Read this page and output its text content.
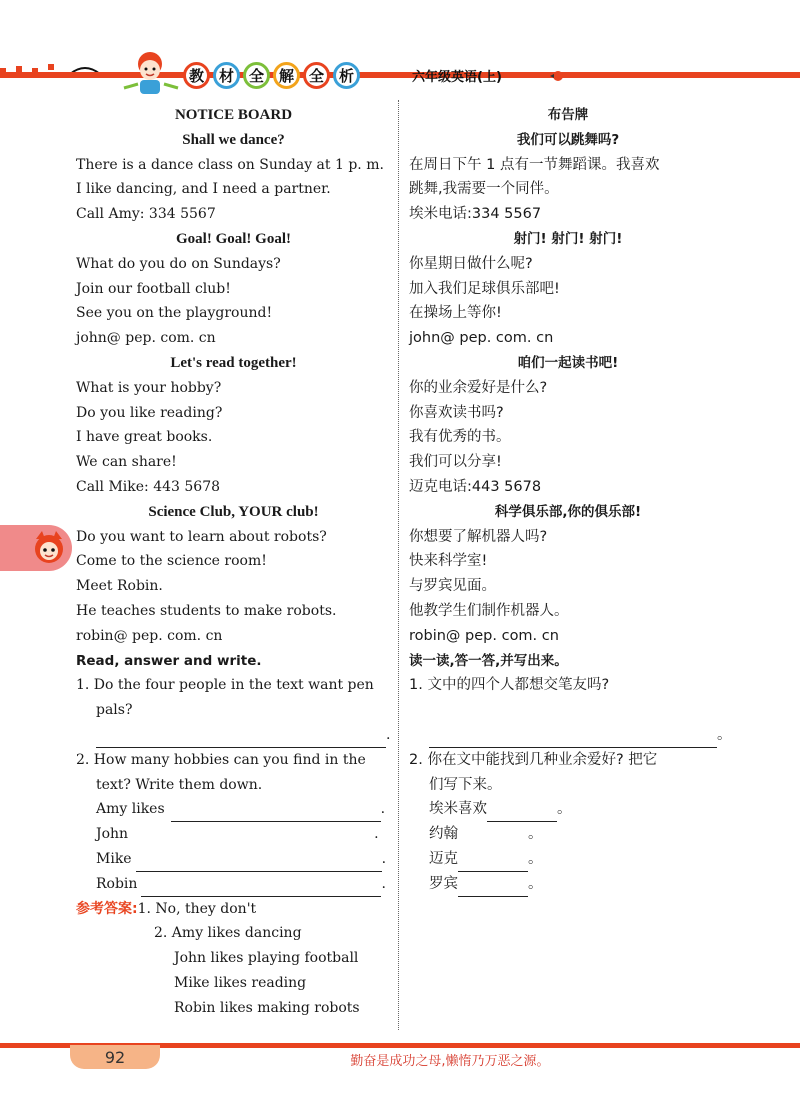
教 材 全 解 全 析	六年级英语(上)
NOTICE BOARD
Shall we dance?
There is a dance class on Sunday at 1 p. m.
I like dancing, and I need a partner.
Call Amy: 334 5567
Goal! Goal! Goal!
What do you do on Sundays?
Join our football club!
See you on the playground!
john@ pep. com. cn
Let's read together!
What is your hobby?
Do you like reading?
I have great books.
We can share!
Call Mike: 443 5678
Science Club, YOUR club!
Do you want to learn about robots?
Come to the science room!
Meet Robin.
He teaches students to make robots.
robin@ pep. com. cn
Read, answer and write.
1. Do the four people in the text want pen
pals?
.
2. How many hobbies can you find in the
text? Write them down.
Amy likes	.
John	.
Mike	.
Robin	.
参考答案:1. No, they don't
2. Amy likes dancing
John likes playing football
Mike likes reading
Robin likes making robots
布告牌
我们可以跳舞吗?
在周日下午 1 点有一节舞蹈课。我喜欢
跳舞,我需要一个同伴。
埃米电话:334 5567
射门! 射门! 射门!
你星期日做什么呢?
加入我们足球俱乐部吧!
在操场上等你!
john@ pep. com. cn
咱们一起读书吧!
你的业余爱好是什么?
你喜欢读书吗?
我有优秀的书。
我们可以分享!
迈克电话:443 5678
科学俱乐部,你的俱乐部!
你想要了解机器人吗?
快来科学室!
与罗宾见面。
他教学生们制作机器人。
robin@ pep. com. cn
读一读,答一答,并写出来。
1. 文中的四个人都想交笔友吗?
。
2. 你在文中能找到几种业余爱好? 把它
们写下来。
埃米喜欢	。
约翰	。
迈克	。
罗宾	。
92	勤奋是成功之母,懒惰乃万恶之源。
